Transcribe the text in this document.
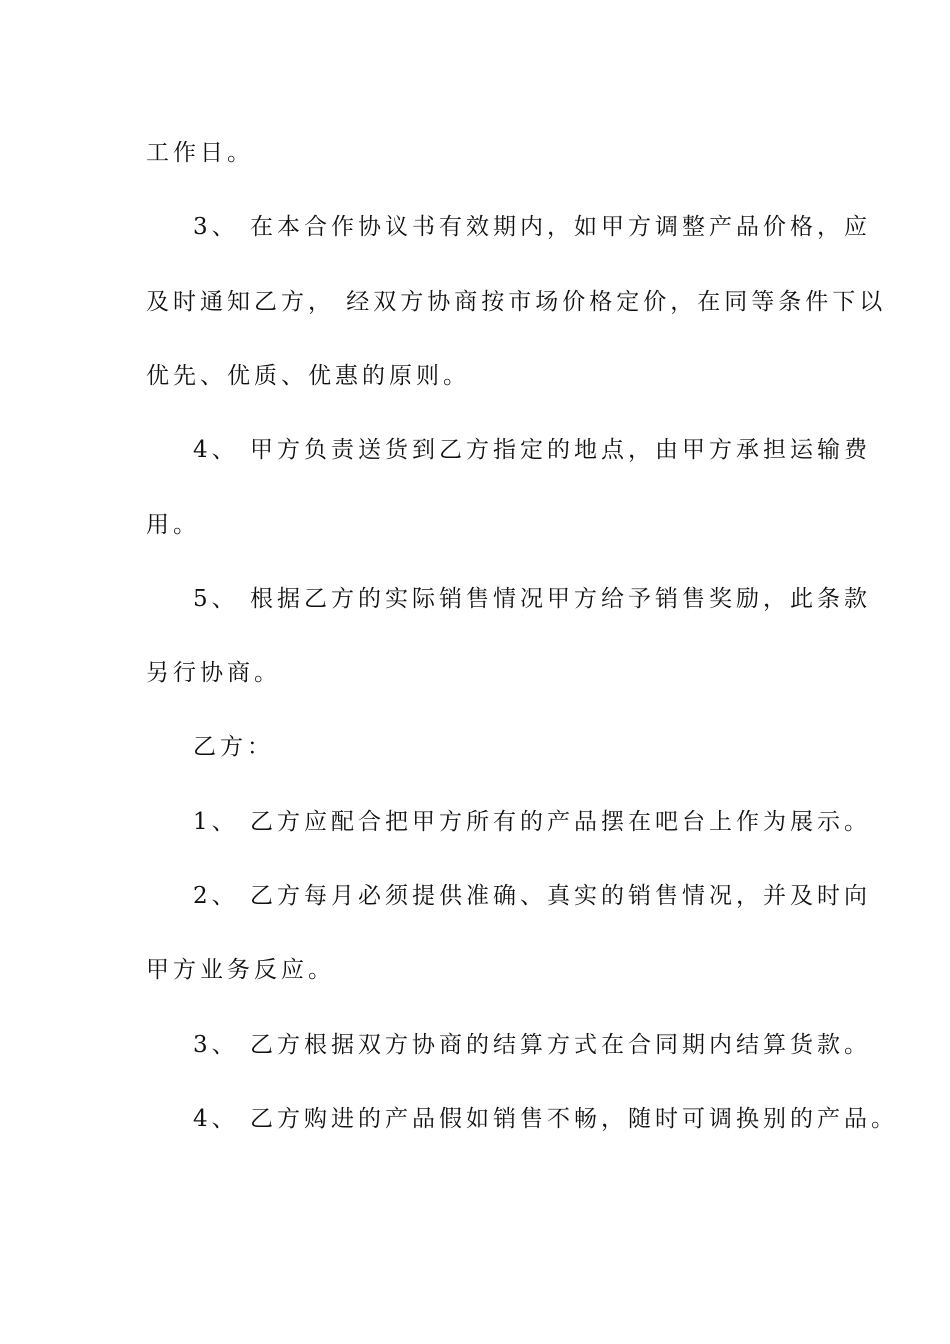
工作日。
3、 在本合作协议书有效期内，如甲方调整产品价格，应
及时通知乙方， 经双方协商按市场价格定价，在同等条件下以
优先、优质、优惠的原则。
4、 甲方负责送货到乙方指定的地点，由甲方承担运输费
用。
5、 根据乙方的实际销售情况甲方给予销售奖励，此条款
另行协商。
乙方：
1、 乙方应配合把甲方所有的产品摆在吧台上作为展示。
2、 乙方每月必须提供准确、真实的销售情况，并及时向
甲方业务反应。
3、 乙方根据双方协商的结算方式在合同期内结算货款。
4、 乙方购进的产品假如销售不畅，随时可调换别的产品。
